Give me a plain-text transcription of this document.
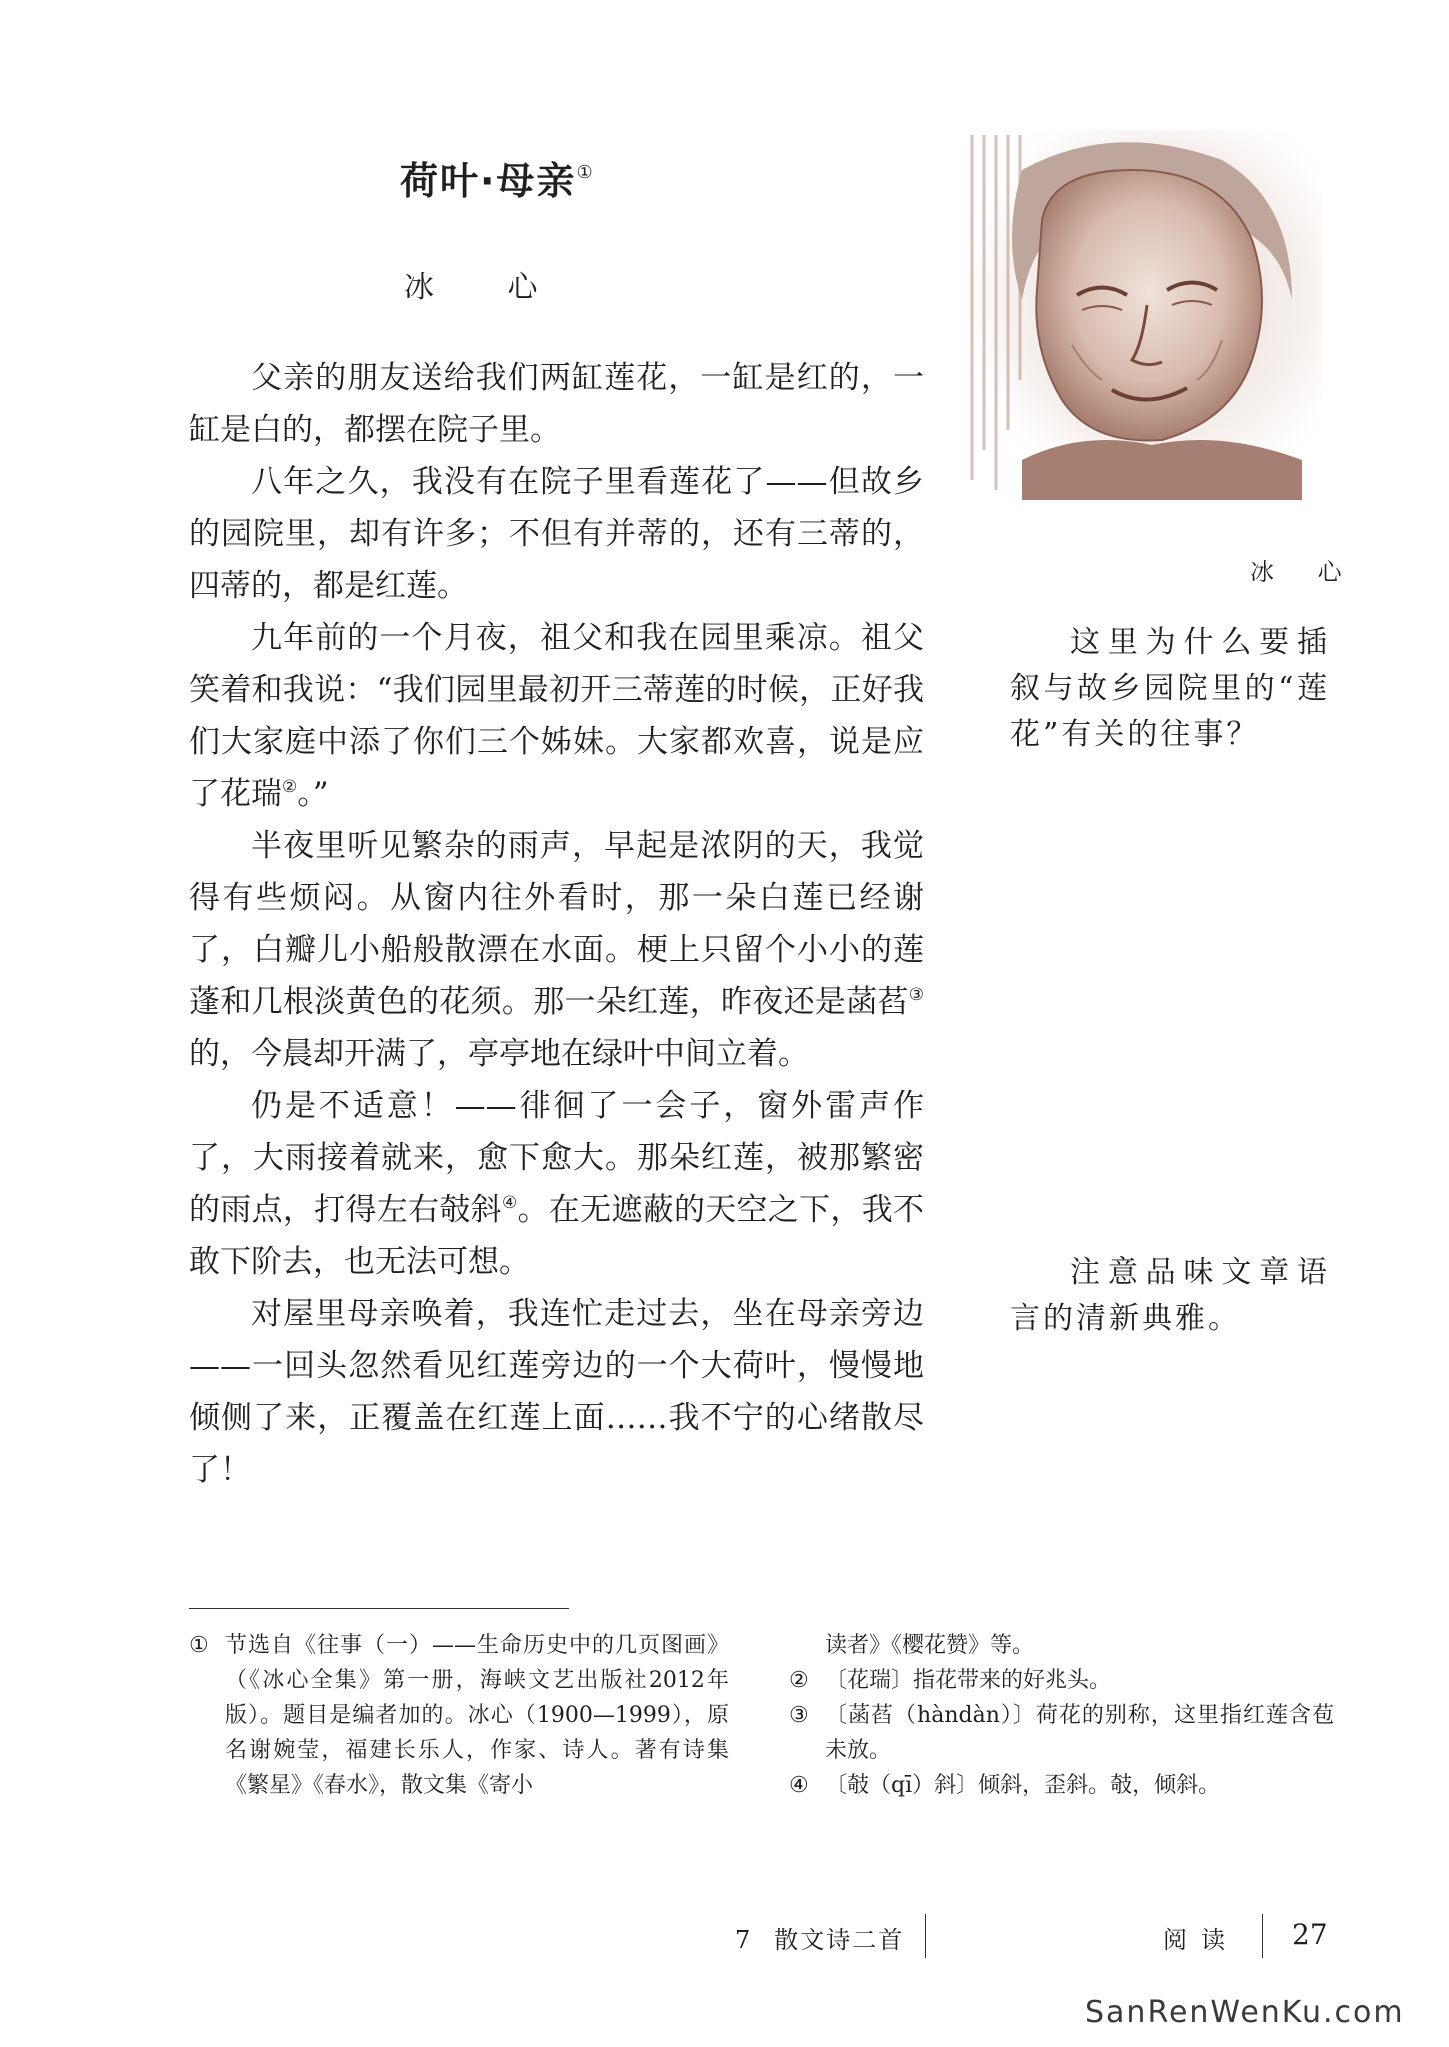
荷叶·母亲①
冰 心

父亲的朋友送给我们两缸莲花，一缸是红的，一缸是白的，都摆在院子里。

八年之久，我没有在院子里看莲花了——但故乡的园院里，却有许多；不但有并蒂的，还有三蒂的，四蒂的，都是红莲。

九年前的一个月夜，祖父和我在园里乘凉。祖父笑着和我说：“我们园里最初开三蒂莲的时候，正好我们大家庭中添了你们三个姊妹。大家都欢喜，说是应了花瑞②。”

半夜里听见繁杂的雨声，早起是浓阴的天，我觉得有些烦闷。从窗内往外看时，那一朵白莲已经谢了，白瓣儿小船般散漂在水面。梗上只留个小小的莲蓬和几根淡黄色的花须。那一朵红莲，昨夜还是菡萏③的，今晨却开满了，亭亭地在绿叶中间立着。

仍是不适意！——徘徊了一会子，窗外雷声作了，大雨接着就来，愈下愈大。那朵红莲，被那繁密的雨点，打得左右攲斜④。在无遮蔽的天空之下，我不敢下阶去，也无法可想。

对屋里母亲唤着，我连忙走过去，坐在母亲旁边——一回头忽然看见红莲旁边的一个大荷叶，慢慢地倾侧了来，正覆盖在红莲上面……我不宁的心绪散尽了！

冰 心
这里为什么要插叙与故乡园院里的“莲花”有关的往事？
注意品味文章语言的清新典雅。
① 节选自《往事（一）——生命历史中的几页图画》（《冰心全集》第一册，海峡文艺出版社2012年版）。题目是编者加的。冰心（1900—1999），原名谢婉莹，福建长乐人，作家、诗人。著有诗集《繁星》《春水》，散文集《寄小
读者》《樱花赞》等。
② 〔花瑞〕指花带来的好兆头。
③ 〔菡萏（hàndàn）〕荷花的别称，这里指红莲含苞未放。
④ 〔攲（qī）斜〕倾斜，歪斜。攲，倾斜。
7 散文诗二首	阅读 27
SanRenWenKu.com
